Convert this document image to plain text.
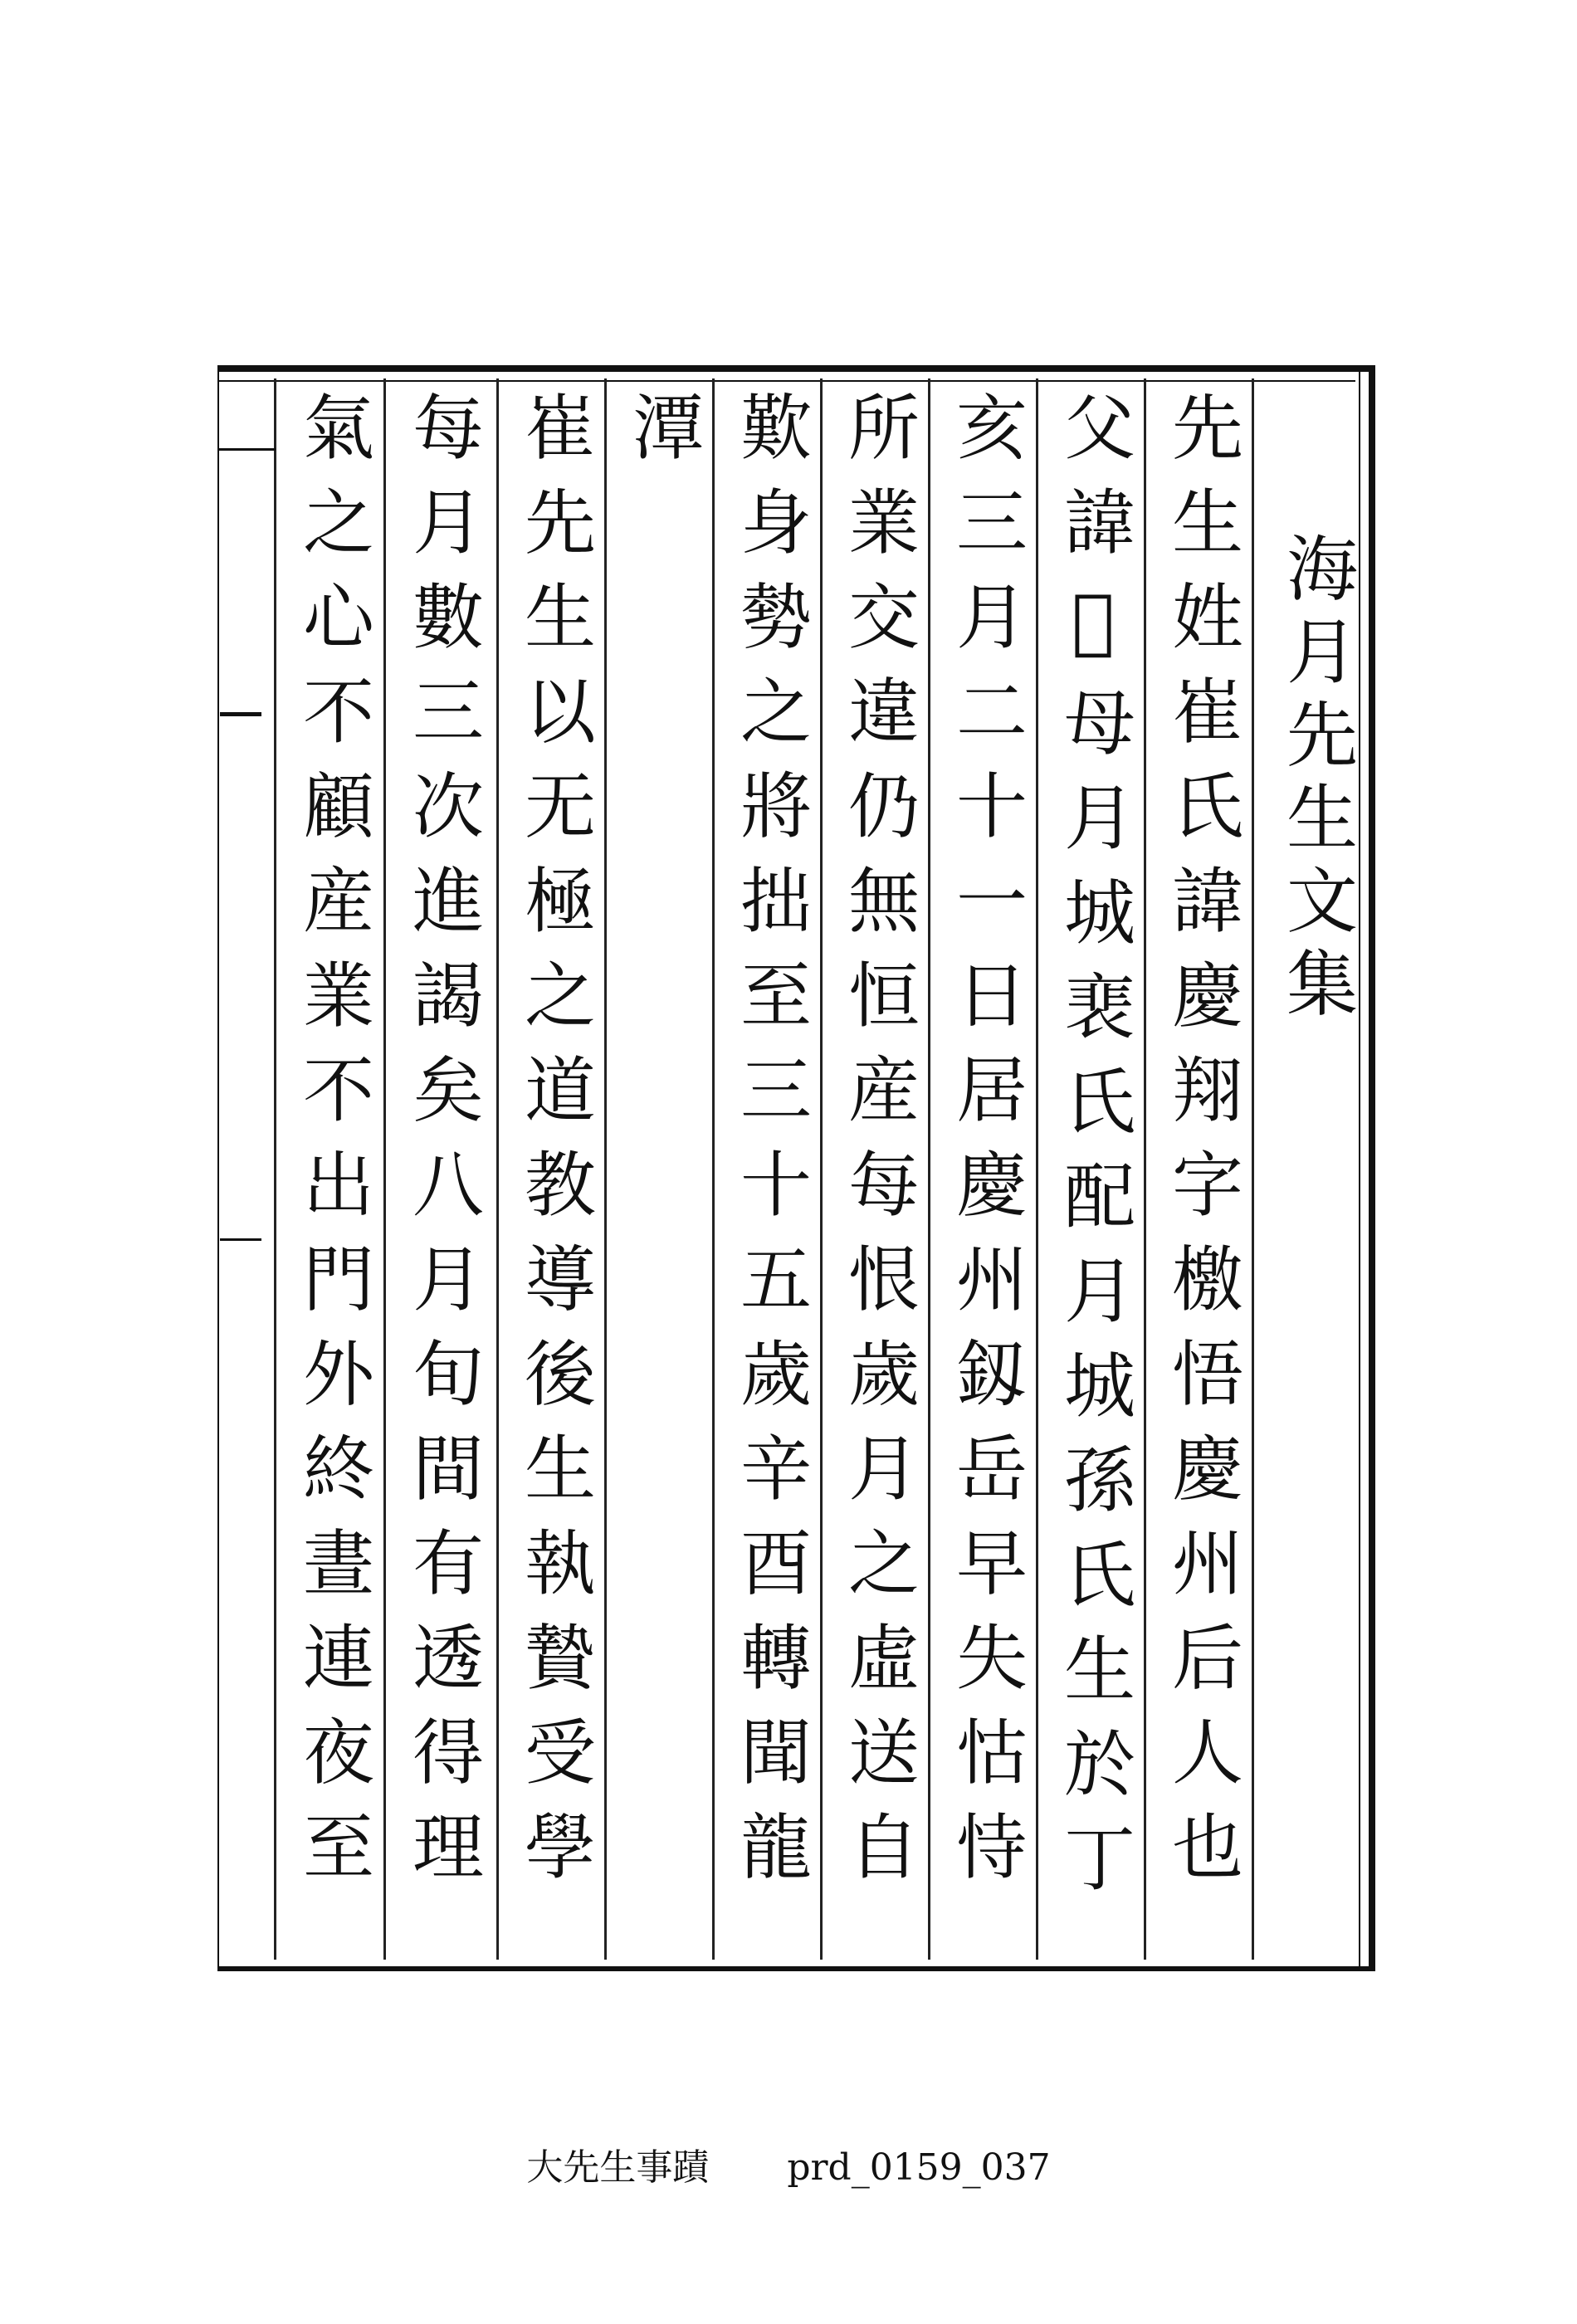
海月先生文集
先生姓崔氏諱慶翔字檄悟慶州后人也
父諱𥘺母月城裵氏配月城孫氏生於丁
亥三月二十一日居慶州釼岳早失怙恃
所業交違仍無恒産每恨歲月之虛送自
歎身勢之將拙至三十五歲辛酉轉聞龍
潭
崔先生以无極之道教導後生執贄受學
每月數三次進謁矣八月旬間有透得理
氣之心不顧産業不出門外終晝連夜至
大先生事蹟 prd_0159_037
